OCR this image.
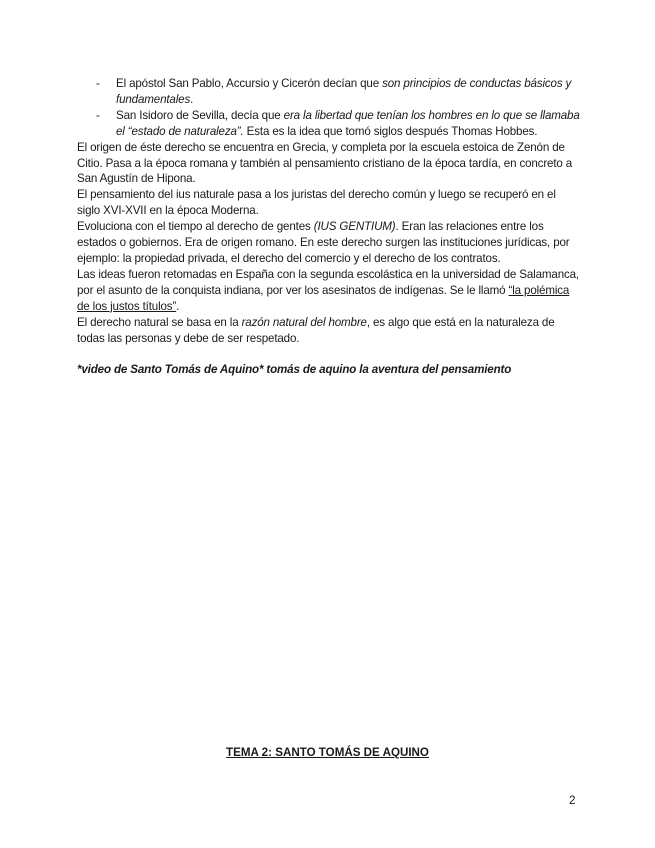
- El apóstol San Pablo, Accursio y Cicerón decían que son principios de conductas básicos y fundamentales.
- San Isidoro de Sevilla, decía que era la libertad que tenían los hombres en lo que se llamaba el “estado de naturaleza”. Esta es la idea que tomó siglos después Thomas Hobbes.

El origen de éste derecho se encuentra en Grecia, y completa por la escuela estoica de Zenón de Citio. Pasa a la época romana y también al pensamiento cristiano de la época tardía, en concreto a San Agustín de Hipona.

El pensamiento del ius naturale pasa a los juristas del derecho común y luego se recuperó en el siglo XVI-XVII en la época Moderna.

Evoluciona con el tiempo al derecho de gentes (IUS GENTIUM). Eran las relaciones entre los estados o gobiernos. Era de origen romano. En este derecho surgen las instituciones jurídicas, por ejemplo: la propiedad privada, el derecho del comercio y el derecho de los contratos.

Las ideas fueron retomadas en España con la segunda escolástica en la universidad de Salamanca, por el asunto de la conquista indiana, por ver los asesinatos de indígenas. Se le llamó “la polémica de los justos títulos”.

El derecho natural se basa en la razón natural del hombre, es algo que está en la naturaleza de todas las personas y debe de ser respetado.

*video de Santo Tomás de Aquino* tomás de aquino la aventura del pensamiento

TEMA 2: SANTO TOMÁS DE AQUINO
2
